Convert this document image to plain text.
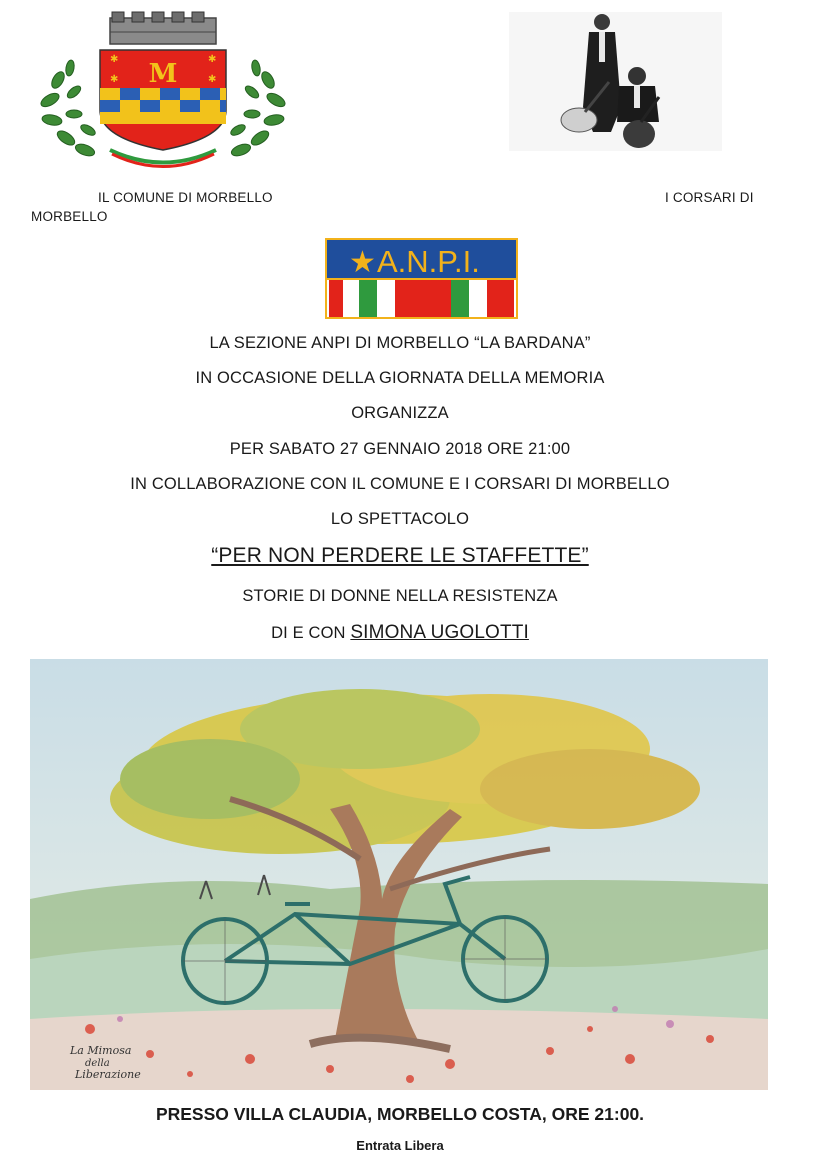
M
✱	✱
✱	✱
IL COMUNE DI MORBELLO	I CORSARI DI
MORBELLO
★ A.N.P.I.
LA SEZIONE ANPI DI MORBELLO “LA BARDANA”
IN OCCASIONE DELLA GIORNATA DELLA MEMORIA
ORGANIZZA
PER SABATO 27 GENNAIO 2018 ORE 21:00
IN COLLABORAZIONE CON IL COMUNE E I CORSARI DI MORBELLO
LO SPETTACOLO
“PER NON PERDERE LE STAFFETTE”
STORIE DI DONNE NELLA RESISTENZA
DI E CON SIMONA UGOLOTTI
La Mimosa
della
Liberazione
PRESSO VILLA CLAUDIA, MORBELLO COSTA, ORE 21:00.
Entrata Libera
